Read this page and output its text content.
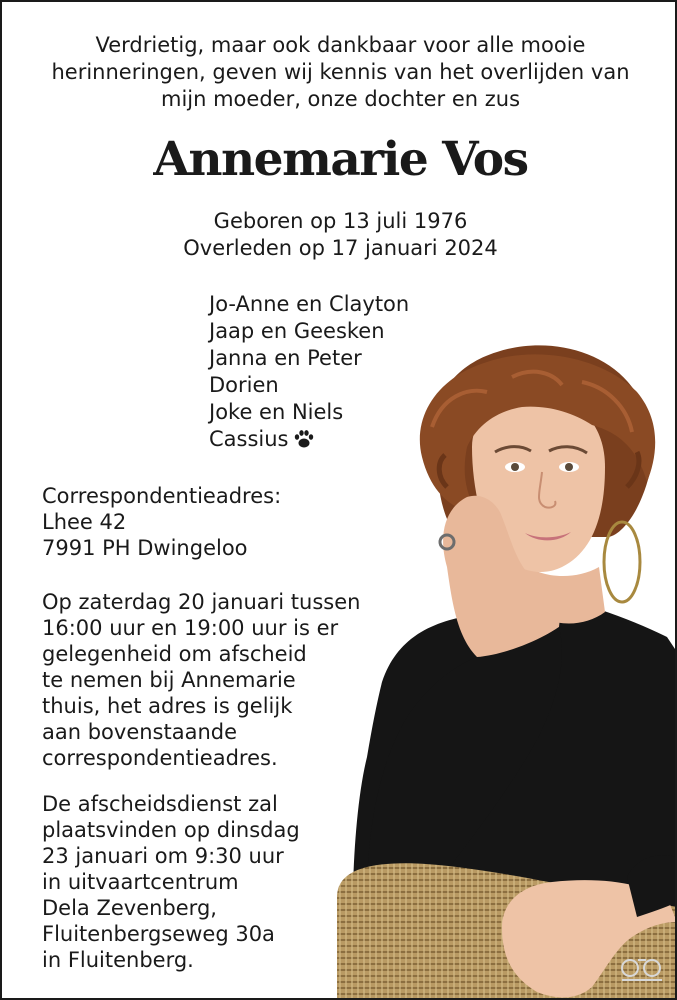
Verdrietig, maar ook dankbaar voor alle mooie
herinneringen, geven wij kennis van het overlijden van
mijn moeder, onze dochter en zus
Annemarie Vos
Geboren op 13 juli 1976
Overleden op 17 januari 2024
Jo-Anne en Clayton
Jaap en Geesken
Janna en Peter
Dorien
Joke en Niels
Cassius
Correspondentieadres:
Lhee 42
7991 PH Dwingeloo
Op zaterdag 20 januari tussen
16:00 uur en 19:00 uur is er
gelegenheid om afscheid
te nemen bij Annemarie
thuis, het adres is gelijk
aan bovenstaande
correspondentieadres.
De afscheidsdienst zal
plaatsvinden op dinsdag
23 januari om 9:30 uur
in uitvaartcentrum
Dela Zevenberg,
Fluitenbergseweg 30a
in Fluitenberg.
